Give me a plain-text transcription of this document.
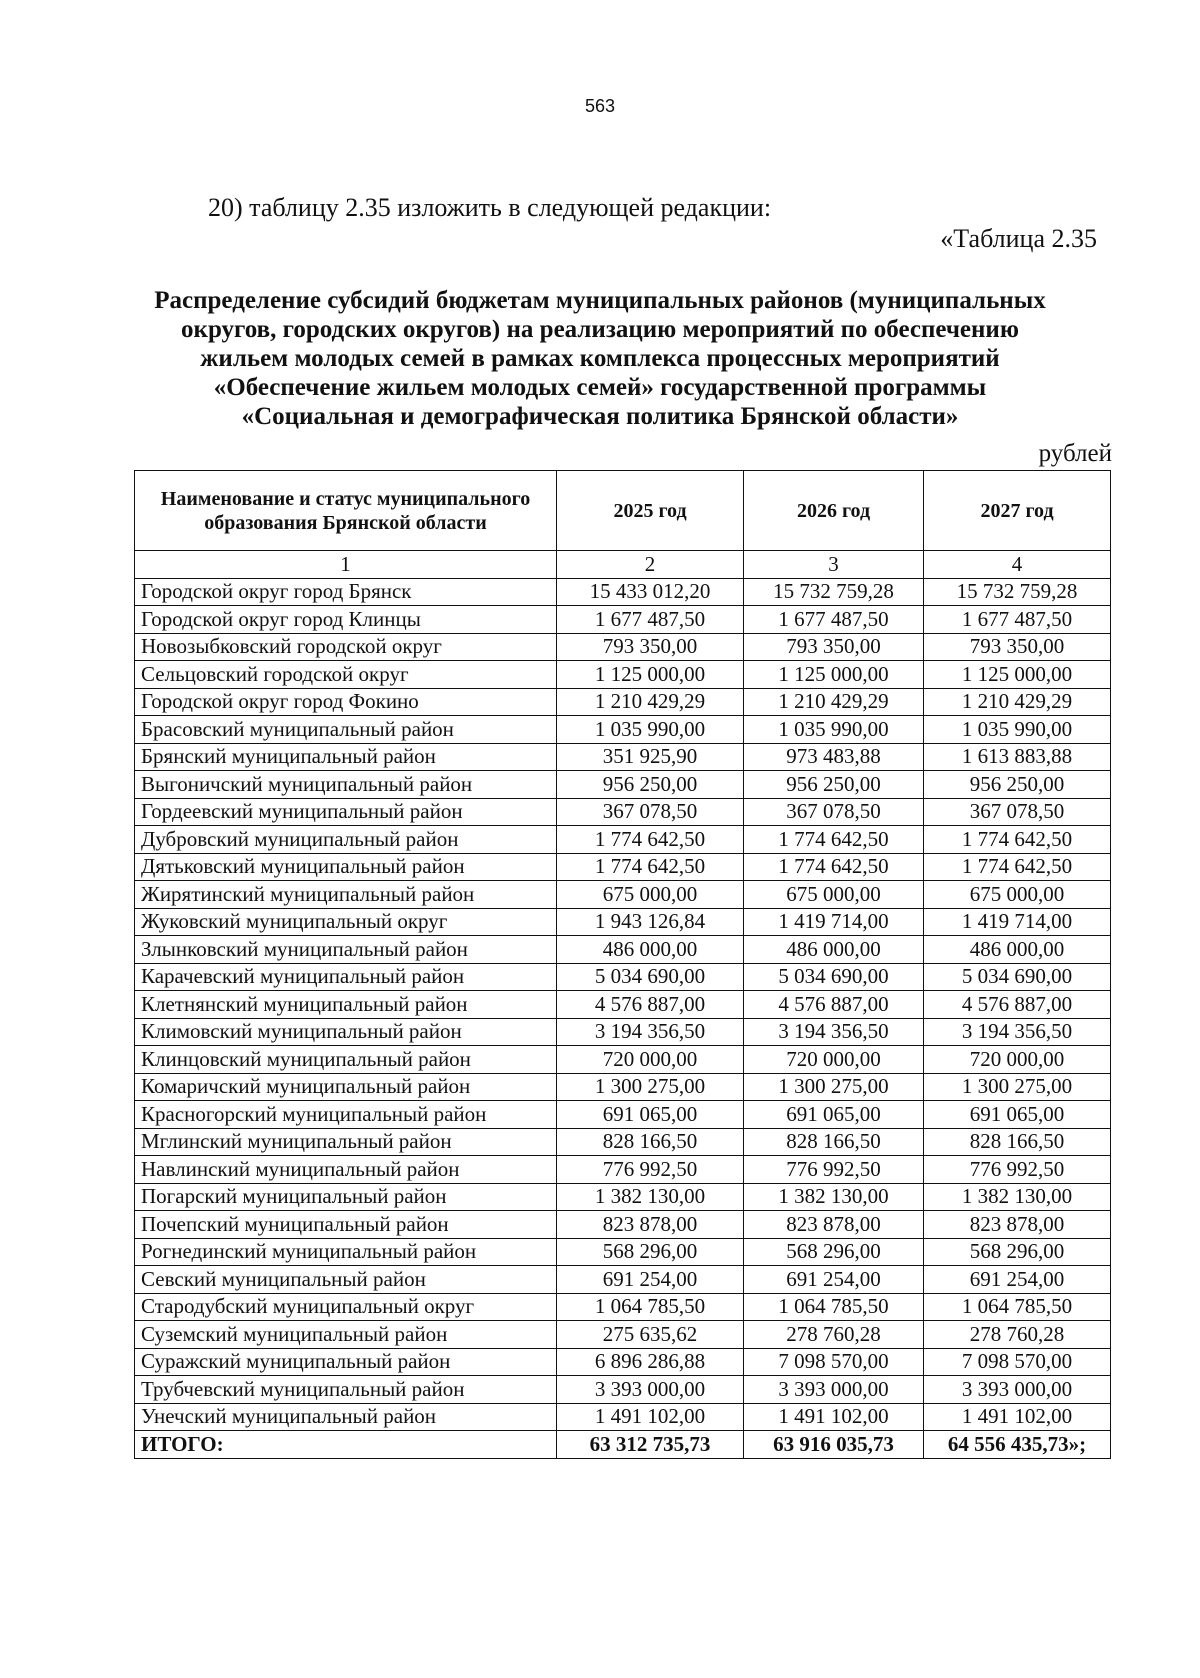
563
20) таблицу 2.35 изложить в следующей редакции:
«Таблица 2.35
Распределение субсидий бюджетам муниципальных районов (муниципальных
округов, городских округов) на реализацию мероприятий по обеспечению
жильем молодых семей в рамках комплекса процессных мероприятий
«Обеспечение жильем молодых семей» государственной программы
«Социальная и демографическая политика Брянской области»
рублей
Наименование и статус муниципального образования Брянской области	2025 год	2026 год	2027 год
1	2	3	4
Городской округ город Брянск	15 433 012,20	15 732 759,28	15 732 759,28
Городской округ город Клинцы	1 677 487,50	1 677 487,50	1 677 487,50
Новозыбковский городской округ	793 350,00	793 350,00	793 350,00
Сельцовский городской округ	1 125 000,00	1 125 000,00	1 125 000,00
Городской округ город Фокино	1 210 429,29	1 210 429,29	1 210 429,29
Брасовский муниципальный район	1 035 990,00	1 035 990,00	1 035 990,00
Брянский муниципальный район	351 925,90	973 483,88	1 613 883,88
Выгоничский муниципальный район	956 250,00	956 250,00	956 250,00
Гордеевский муниципальный район	367 078,50	367 078,50	367 078,50
Дубровский муниципальный район	1 774 642,50	1 774 642,50	1 774 642,50
Дятьковский муниципальный район	1 774 642,50	1 774 642,50	1 774 642,50
Жирятинский муниципальный район	675 000,00	675 000,00	675 000,00
Жуковский муниципальный округ	1 943 126,84	1 419 714,00	1 419 714,00
Злынковский муниципальный район	486 000,00	486 000,00	486 000,00
Карачевский муниципальный район	5 034 690,00	5 034 690,00	5 034 690,00
Клетнянский муниципальный район	4 576 887,00	4 576 887,00	4 576 887,00
Климовский муниципальный район	3 194 356,50	3 194 356,50	3 194 356,50
Клинцовский муниципальный район	720 000,00	720 000,00	720 000,00
Комаричский муниципальный район	1 300 275,00	1 300 275,00	1 300 275,00
Красногорский муниципальный район	691 065,00	691 065,00	691 065,00
Мглинский муниципальный район	828 166,50	828 166,50	828 166,50
Навлинский муниципальный район	776 992,50	776 992,50	776 992,50
Погарский муниципальный район	1 382 130,00	1 382 130,00	1 382 130,00
Почепский муниципальный район	823 878,00	823 878,00	823 878,00
Рогнединский муниципальный район	568 296,00	568 296,00	568 296,00
Севский муниципальный район	691 254,00	691 254,00	691 254,00
Стародубский муниципальный округ	1 064 785,50	1 064 785,50	1 064 785,50
Суземский муниципальный район	275 635,62	278 760,28	278 760,28
Суражский муниципальный район	6 896 286,88	7 098 570,00	7 098 570,00
Трубчевский муниципальный район	3 393 000,00	3 393 000,00	3 393 000,00
Унечский муниципальный район	1 491 102,00	1 491 102,00	1 491 102,00
ИТОГО:	63 312 735,73	63 916 035,73	64 556 435,73»;
